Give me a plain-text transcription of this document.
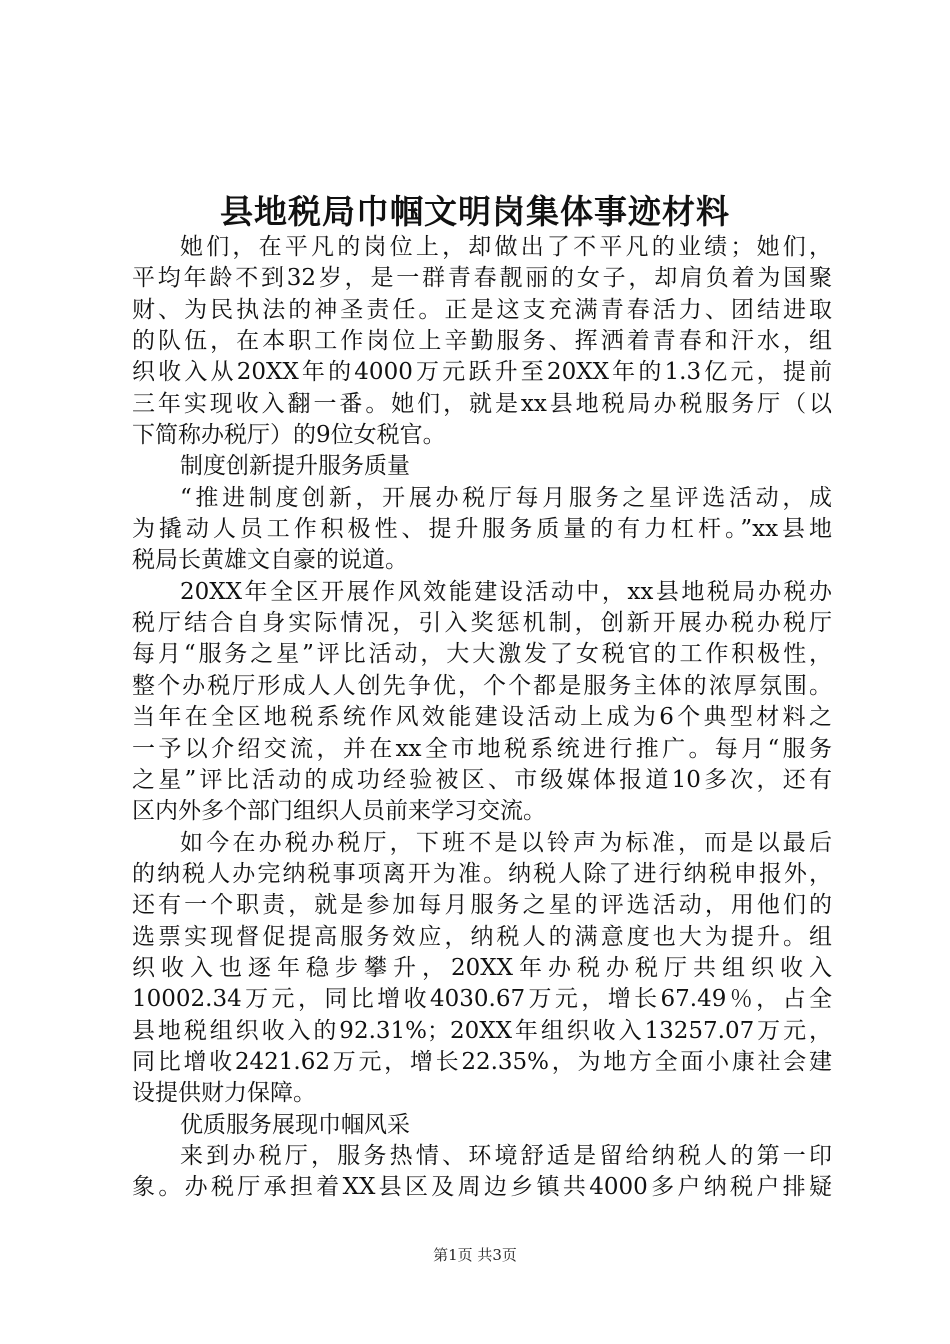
县地税局巾帼文明岗集体事迹材料
她们，在平凡的岗位上，却做出了不平凡的业绩；她们，
平均年龄不到32岁，是一群青春靓丽的女子，却肩负着为国聚
财、为民执法的神圣责任。正是这支充满青春活力、团结进取
的队伍，在本职工作岗位上辛勤服务、挥洒着青春和汗水，组
织收入从20XX年的4000万元跃升至20XX年的1.3亿元，提前
三年实现收入翻一番。她们，就是xx县地税局办税服务厅（以
下简称办税厅）的9位女税官。
制度创新提升服务质量
“推进制度创新，开展办税厅每月服务之星评选活动，成
为撬动人员工作积极性、提升服务质量的有力杠杆。”xx县地
税局长黄雄文自豪的说道。
20XX年全区开展作风效能建设活动中，xx县地税局办税办
税厅结合自身实际情况，引入奖惩机制，创新开展办税办税厅
每月“服务之星”评比活动，大大激发了女税官的工作积极性，
整个办税厅形成人人创先争优，个个都是服务主体的浓厚氛围。
当年在全区地税系统作风效能建设活动上成为6个典型材料之
一予以介绍交流，并在xx全市地税系统进行推广。每月“服务
之星”评比活动的成功经验被区、市级媒体报道10多次，还有
区内外多个部门组织人员前来学习交流。
如今在办税办税厅，下班不是以铃声为标准，而是以最后
的纳税人办完纳税事项离开为准。纳税人除了进行纳税申报外，
还有一个职责，就是参加每月服务之星的评选活动，用他们的
选票实现督促提高服务效应，纳税人的满意度也大为提升。组
织收入也逐年稳步攀升，20XX年办税办税厅共组织收入
10002.34万元，同比增收4030.67万元，增长67.49％，占全
县地税组织收入的92.31%；20XX年组织收入13257.07万元，
同比增收2421.62万元，增长22.35%，为地方全面小康社会建
设提供财力保障。
优质服务展现巾帼风采
来到办税厅，服务热情、环境舒适是留给纳税人的第一印
象。办税厅承担着XX县区及周边乡镇共4000多户纳税户排疑
第1页 共3页
